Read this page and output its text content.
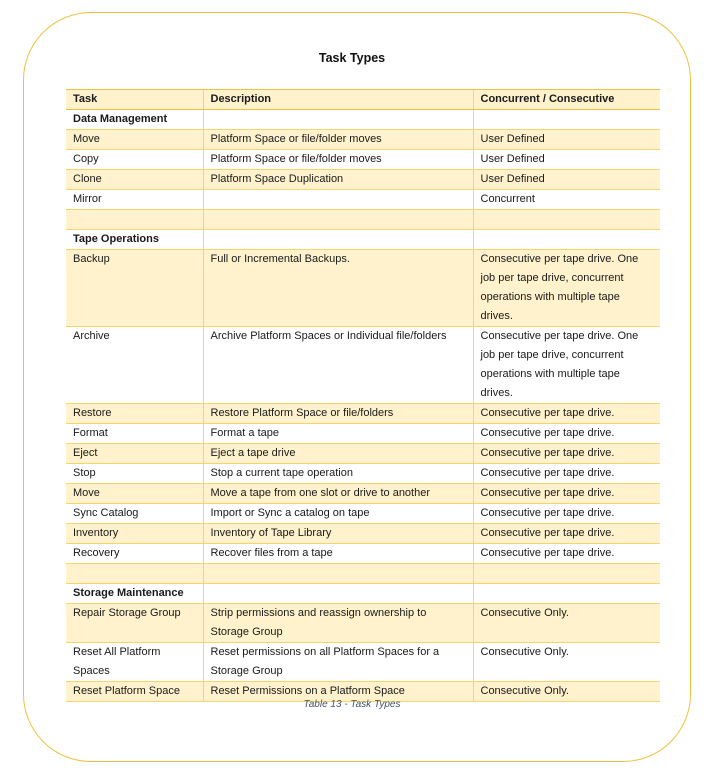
Task Types
Task	Description	Concurrent / Consecutive
Data Management		
Move	Platform Space or file/folder moves	User Defined
Copy	Platform Space or file/folder moves	User Defined
Clone	Platform Space Duplication	User Defined
Mirror		Concurrent

Tape Operations		
Backup	Full or Incremental Backups.	Consecutive per tape drive. One job per tape drive, concurrent operations with multiple tape drives.
Archive	Archive Platform Spaces or Individual file/folders	Consecutive per tape drive. One job per tape drive, concurrent operations with multiple tape drives.
Restore	Restore Platform Space or file/folders	Consecutive per tape drive.
Format	Format a tape	Consecutive per tape drive.
Eject	Eject a tape drive	Consecutive per tape drive.
Stop	Stop a current tape operation	Consecutive per tape drive.
Move	Move a tape from one slot or drive to another	Consecutive per tape drive.
Sync Catalog	Import or Sync a catalog on tape	Consecutive per tape drive.
Inventory	Inventory of Tape Library	Consecutive per tape drive.
Recovery	Recover files from a tape	Consecutive per tape drive.

Storage Maintenance		
Repair Storage Group	Strip permissions and reassign ownership to Storage Group	Consecutive Only.
Reset All Platform Spaces	Reset permissions on all Platform Spaces for a Storage Group	Consecutive Only.
Reset Platform Space	Reset Permissions on a Platform Space	Consecutive Only.
Table 13 - Task Types
